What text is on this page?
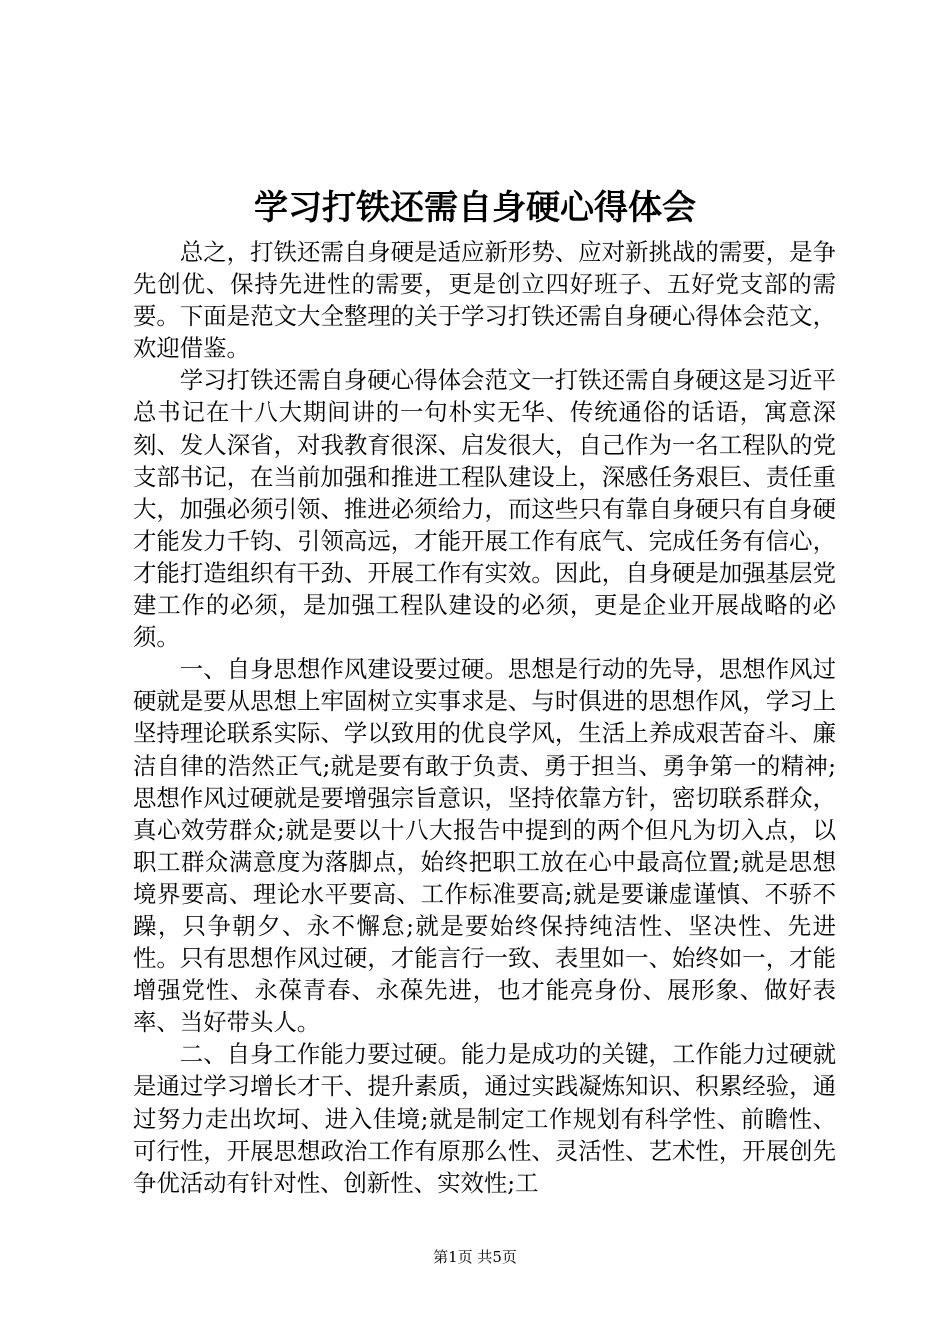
学习打铁还需自身硬心得体会

总之，打铁还需自身硬是适应新形势、应对新挑战的需要，是争先创优、保持先进性的需要，更是创立四好班子、五好党支部的需要。下面是范文大全整理的关于学习打铁还需自身硬心得体会范文，欢迎借鉴。

学习打铁还需自身硬心得体会范文一打铁还需自身硬这是习近平总书记在十八大期间讲的一句朴实无华、传统通俗的话语，寓意深刻、发人深省，对我教育很深、启发很大，自己作为一名工程队的党支部书记，在当前加强和推进工程队建设上，深感任务艰巨、责任重大，加强必须引领、推进必须给力，而这些只有靠自身硬只有自身硬才能发力千钧、引领高远，才能开展工作有底气、完成任务有信心，才能打造组织有干劲、开展工作有实效。因此，自身硬是加强基层党建工作的必须，是加强工程队建设的必须，更是企业开展战略的必须。

一、自身思想作风建设要过硬。思想是行动的先导，思想作风过硬就是要从思想上牢固树立实事求是、与时俱进的思想作风，学习上坚持理论联系实际、学以致用的优良学风，生活上养成艰苦奋斗、廉洁自律的浩然正气;就是要有敢于负责、勇于担当、勇争第一的精神;思想作风过硬就是要增强宗旨意识，坚持依靠方针，密切联系群众，真心效劳群众;就是要以十八大报告中提到的两个但凡为切入点，以职工群众满意度为落脚点，始终把职工放在心中最高位置;就是思想境界要高、理论水平要高、工作标准要高;就是要谦虚谨慎、不骄不躁，只争朝夕、永不懈怠;就是要始终保持纯洁性、坚决性、先进性。只有思想作风过硬，才能言行一致、表里如一、始终如一，才能增强党性、永葆青春、永葆先进，也才能亮身份、展形象、做好表率、当好带头人。

二、自身工作能力要过硬。能力是成功的关键，工作能力过硬就是通过学习增长才干、提升素质，通过实践凝炼知识、积累经验，通过努力走出坎坷、进入佳境;就是制定工作规划有科学性、前瞻性、可行性，开展思想政治工作有原那么性、灵活性、艺术性，开展创先争优活动有针对性、创新性、实效性;工

第1页 共5页
